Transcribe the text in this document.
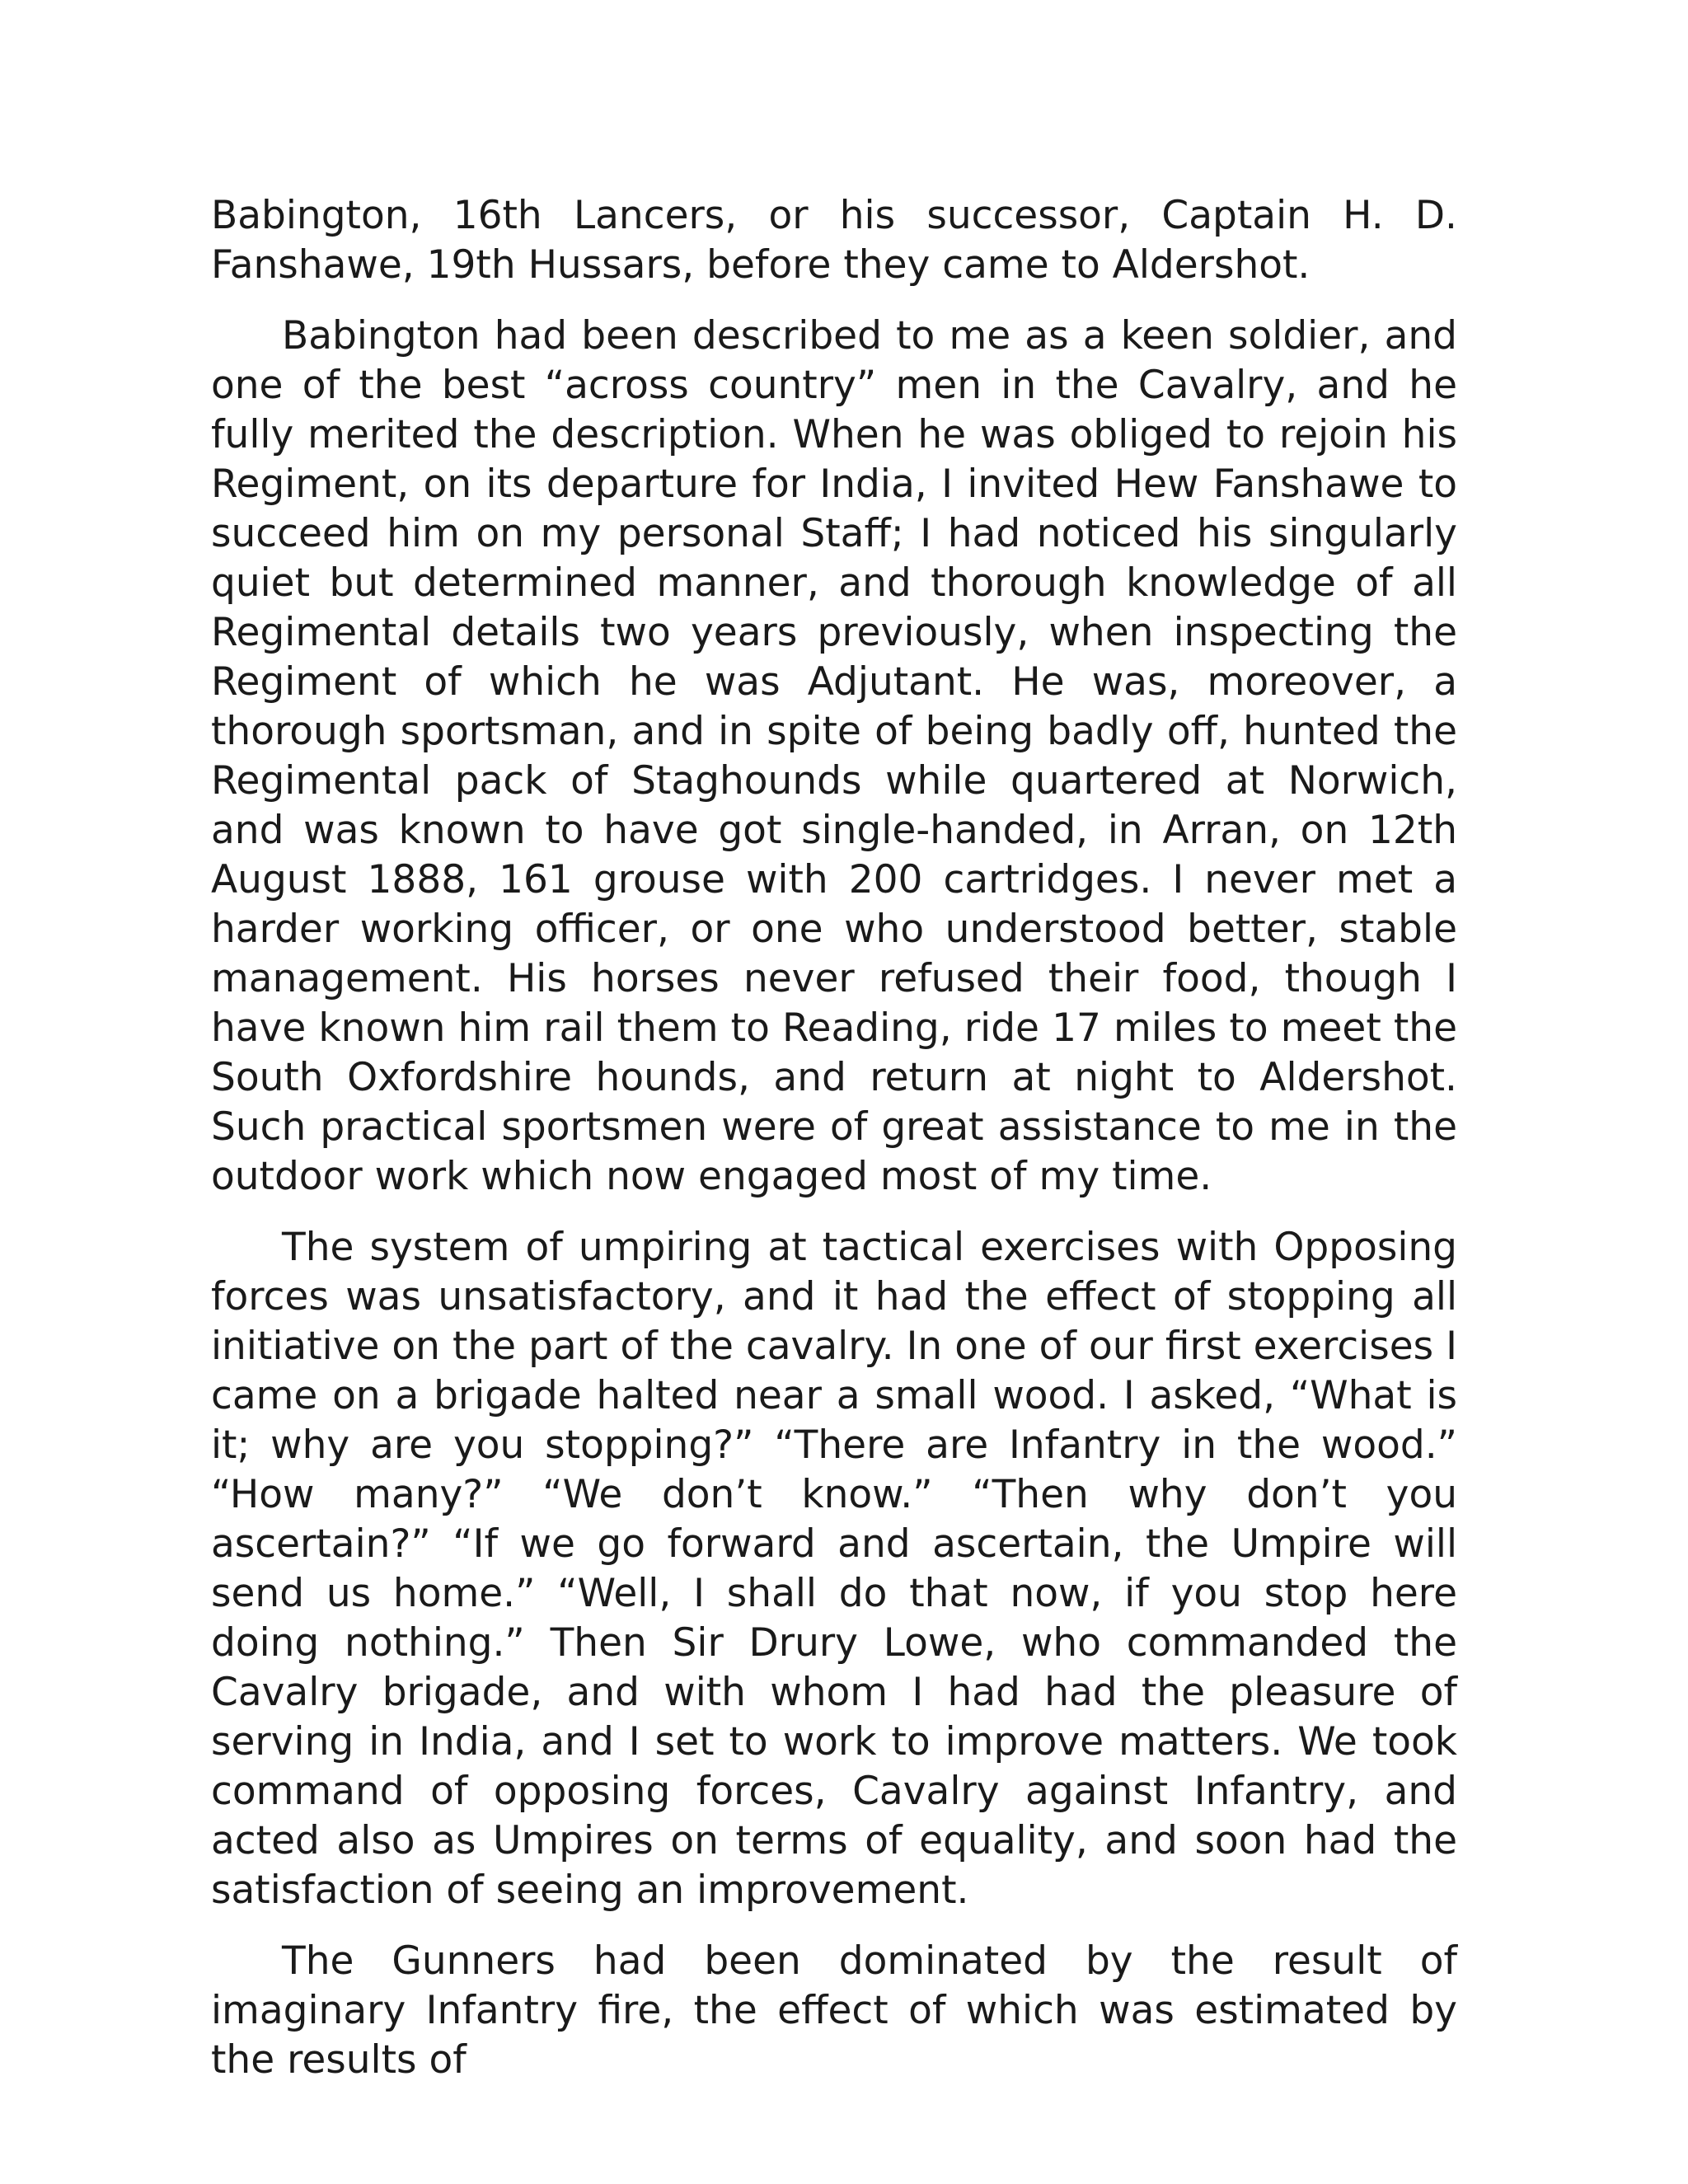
Babington, 16th Lancers, or his successor, Captain H. D. Fanshawe, 19th Hussars, before they came to Aldershot.

Babington had been described to me as a keen soldier, and one of the best “across country” men in the Cavalry, and he fully merited the description. When he was obliged to rejoin his Regiment, on its departure for India, I invited Hew Fanshawe to succeed him on my personal Staff; I had noticed his singularly quiet but determined manner, and thorough knowledge of all Regimental details two years previously, when inspecting the Regiment of which he was Adjutant. He was, moreover, a thorough sportsman, and in spite of being badly off, hunted the Regimental pack of Staghounds while quartered at Norwich, and was known to have got single-handed, in Arran, on 12th August 1888, 161 grouse with 200 cartridges. I never met a harder working officer, or one who understood better, stable management. His horses never refused their food, though I have known him rail them to Reading, ride 17 miles to meet the South Oxfordshire hounds, and return at night to Aldershot. Such practical sportsmen were of great assistance to me in the outdoor work which now engaged most of my time.

The system of umpiring at tactical exercises with Opposing forces was unsatisfactory, and it had the effect of stopping all initiative on the part of the cavalry. In one of our first exercises I came on a brigade halted near a small wood. I asked, “What is it; why are you stopping?” “There are Infantry in the wood.” “How many?” “We don’t know.” “Then why don’t you ascertain?” “If we go forward and ascertain, the Umpire will send us home.” “Well, I shall do that now, if you stop here doing nothing.” Then Sir Drury Lowe, who commanded the Cavalry brigade, and with whom I had had the pleasure of serving in India, and I set to work to improve matters. We took command of opposing forces, Cavalry against Infantry, and acted also as Umpires on terms of equality, and soon had the satisfaction of seeing an improvement.

The Gunners had been dominated by the result of imaginary Infantry fire, the effect of which was estimated by the results of
